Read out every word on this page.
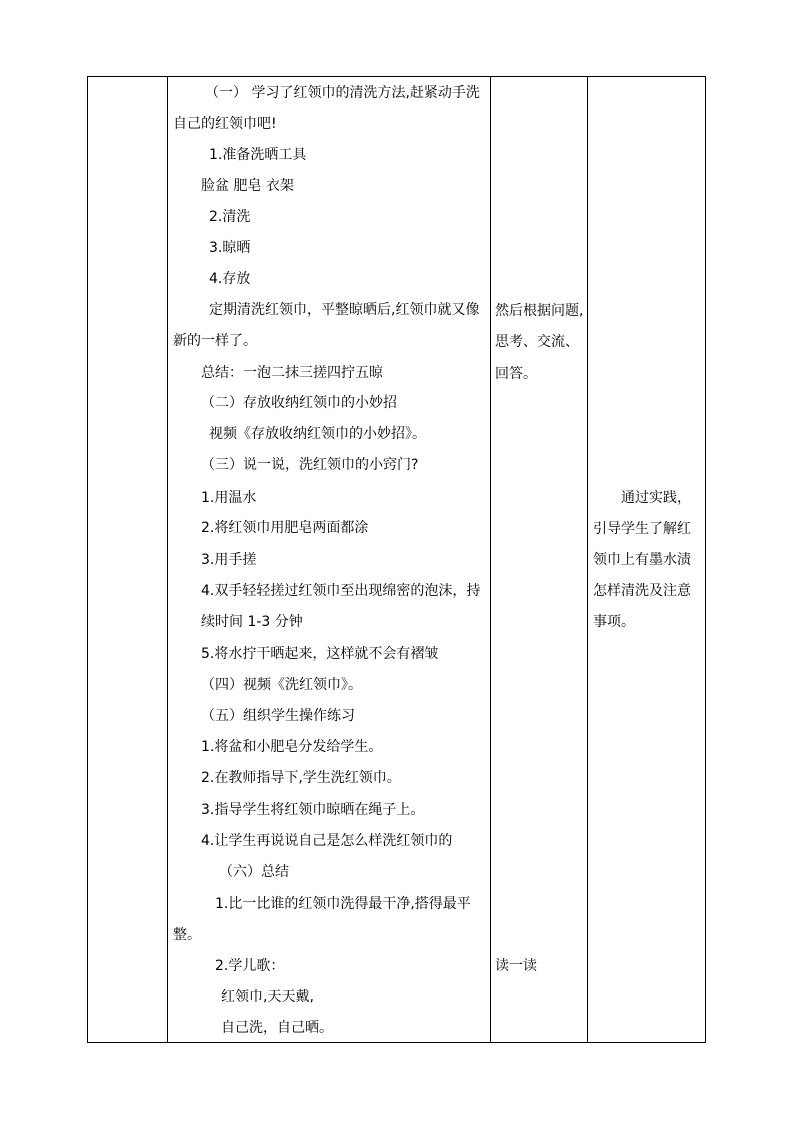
（一） 学习了红领巾的清洗方法,赶紧动手洗
自己的红领巾吧!
1.准备洗晒工具
脸盆 肥皂 衣架
2.清洗
3.晾晒
4.存放
定期清洗红领巾，平整晾晒后,红领巾就又像
新的一样了。
总结：一泡二抹三搓四拧五晾
（二）存放收纳红领巾的小妙招
视频《存放收纳红领巾的小妙招》。
（三）说一说，洗红领巾的小窍门?
1.用温水
2.将红领巾用肥皂两面都涂
3.用手搓
4.双手轻轻搓过红领巾至出现绵密的泡沫，持
续时间 1-3 分钟
5.将水拧干晒起来，这样就不会有褶皱
（四）视频《洗红领巾》。
（五）组织学生操作练习
1.将盆和小肥皂分发给学生。
2.在教师指导下,学生洗红领巾。
3.指导学生将红领巾晾晒在绳子上。
4.让学生再说说自己是怎么样洗红领巾的
（六）总结
1.比一比谁的红领巾洗得最干净,搭得最平
整。
2.学儿歌：
红领巾,天天戴,
自己洗，自己晒。
然后根据问题,
思考、交流、
回答。
读一读
通过实践，
引导学生了解红
领巾上有墨水渍
怎样清洗及注意
事项。
